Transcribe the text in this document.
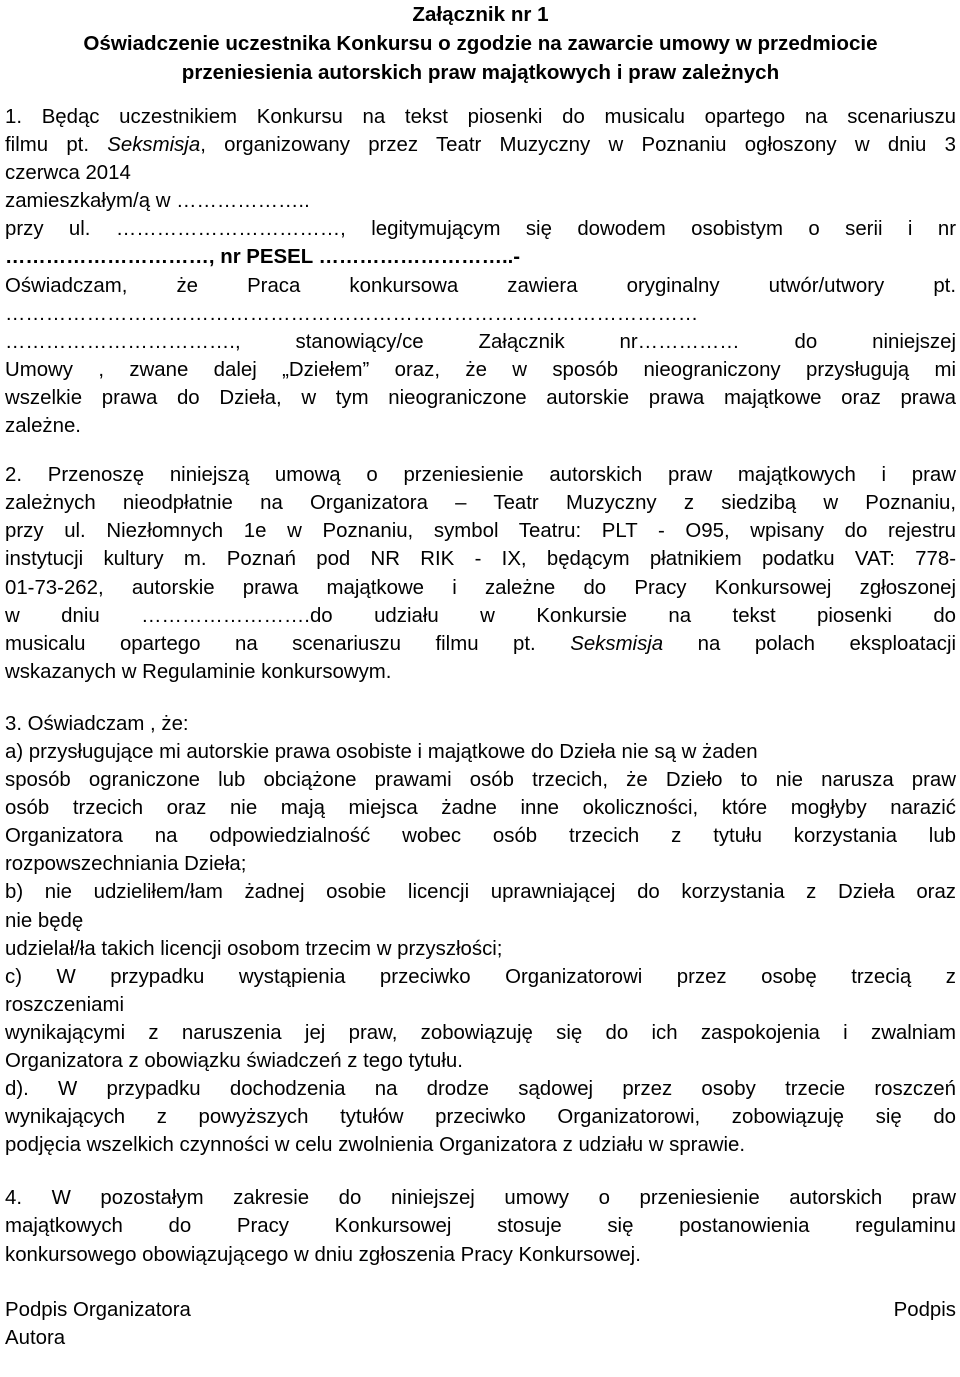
Załącznik nr 1
Oświadczenie uczestnika Konkursu o zgodzie na zawarcie umowy w przedmiocie
przeniesienia autorskich praw majątkowych i praw zależnych
1. Będąc uczestnikiem Konkursu na tekst piosenki do musicalu opartego na scenariuszu
filmu pt. Seksmisja, organizowany przez Teatr Muzyczny w Poznaniu ogłoszony w dniu 3
czerwca 2014
zamieszkałym/ą w ………………..
przy ul. ……………………………, legitymującym się dowodem osobistym o serii i nr
…………………………, nr PESEL ………………………..-
Oświadczam, że Praca konkursowa zawiera oryginalny utwór/utwory pt.
…………………………………………………………………………………………
……………………………., stanowiący/ce Załącznik nr…………… do niniejszej
Umowy , zwane dalej „Dziełem” oraz, że w sposób nieograniczony przysługują mi
wszelkie prawa do Dzieła, w tym nieograniczone autorskie prawa majątkowe oraz prawa
zależne.
2. Przenoszę niniejszą umową o przeniesienie autorskich praw majątkowych i praw
zależnych nieodpłatnie na Organizatora – Teatr Muzyczny z siedzibą w Poznaniu,
przy ul. Niezłomnych 1e w Poznaniu, symbol Teatru: PLT - O95, wpisany do rejestru
instytucji kultury m. Poznań pod NR RIK - IX, będącym płatnikiem podatku VAT: 778-
01-73-262, autorskie prawa majątkowe i zależne do Pracy Konkursowej zgłoszonej
w dniu …………………….do udziału w Konkursie na tekst piosenki do
musicalu opartego na scenariuszu filmu pt. Seksmisja na polach eksploatacji
wskazanych w Regulaminie konkursowym.
3. Oświadczam , że:
a) przysługujące mi autorskie prawa osobiste i majątkowe do Dzieła nie są w żaden
sposób ograniczone lub obciążone prawami osób trzecich, że Dzieło to nie narusza praw
osób trzecich oraz nie mają miejsca żadne inne okoliczności, które mogłyby narazić
Organizatora na odpowiedzialność wobec osób trzecich z tytułu korzystania lub
rozpowszechniania Dzieła;
b) nie udzieliłem/łam żadnej osobie licencji uprawniającej do korzystania z Dzieła oraz
nie będę
udzielał/ła takich licencji osobom trzecim w przyszłości;
c) W przypadku wystąpienia przeciwko Organizatorowi przez osobę trzecią z
roszczeniami
wynikającymi z naruszenia jej praw, zobowiązuję się do ich zaspokojenia i zwalniam
Organizatora z obowiązku świadczeń z tego tytułu.
d). W przypadku dochodzenia na drodze sądowej przez osoby trzecie roszczeń
wynikających z powyższych tytułów przeciwko Organizatorowi, zobowiązuję się do
podjęcia wszelkich czynności w celu zwolnienia Organizatora z udziału w sprawie.
4. W pozostałym zakresie do niniejszej umowy o przeniesienie autorskich praw
majątkowych do Pracy Konkursowej stosuje się postanowienia regulaminu
konkursowego obowiązującego w dniu zgłoszenia Pracy Konkursowej.
Podpis Organizatora	Podpis
Autora
